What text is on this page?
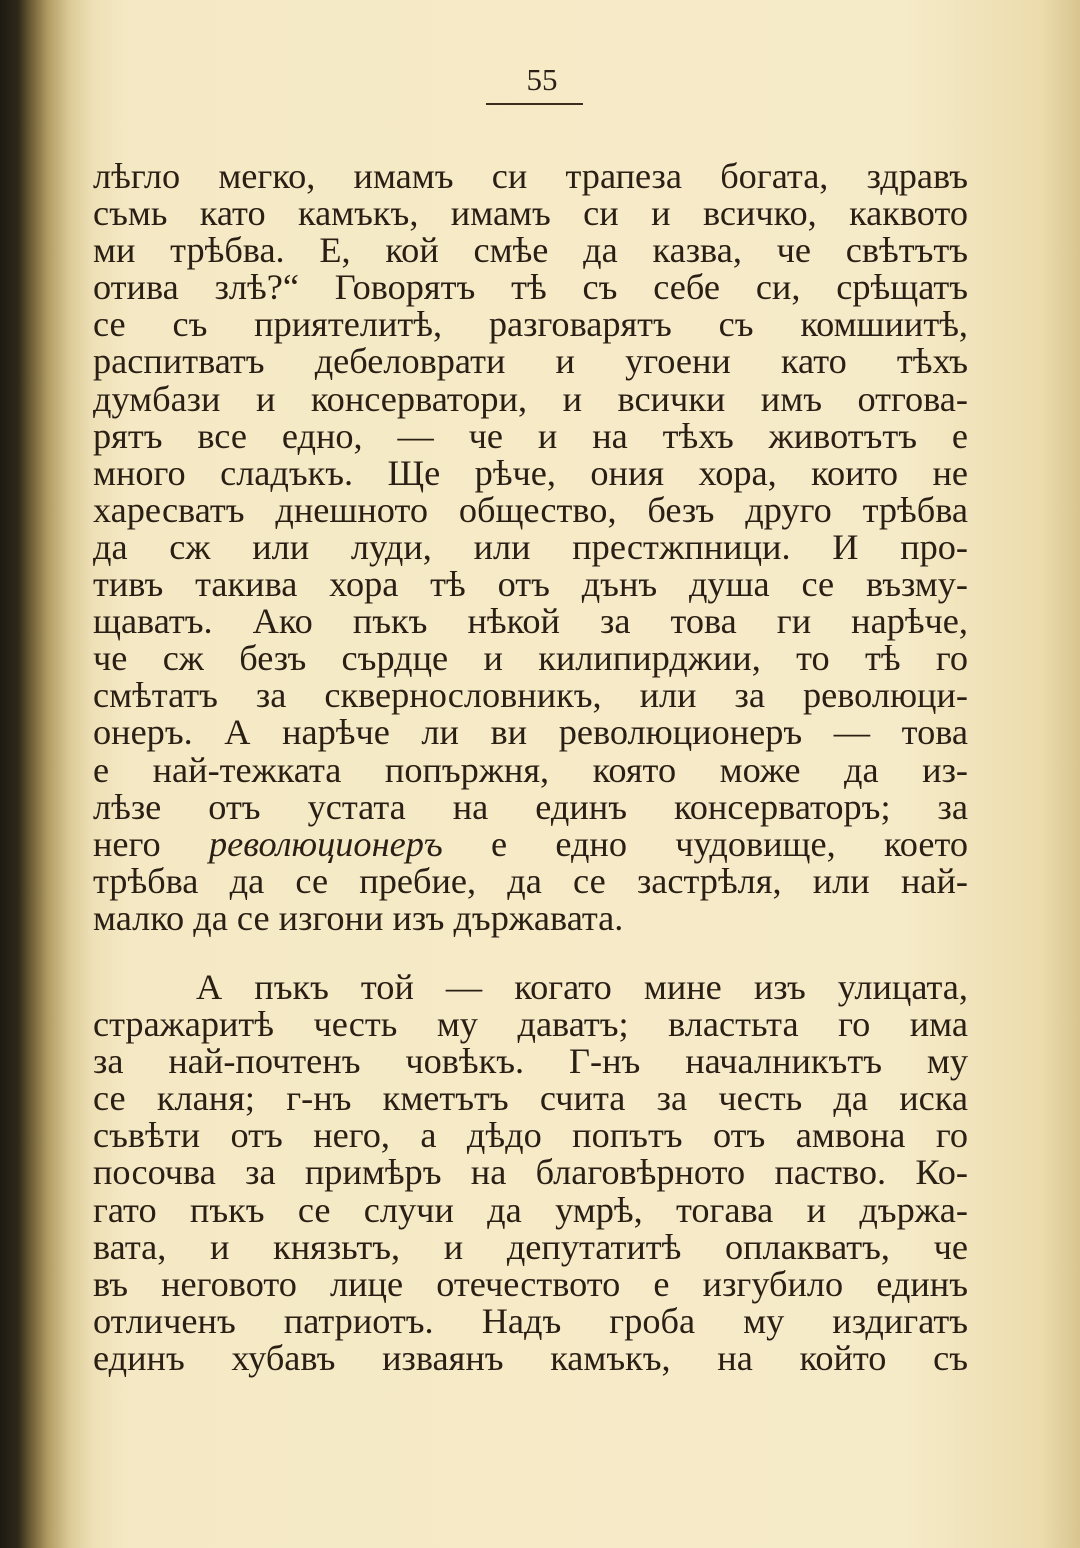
55
лѣгло мегко, имамъ си трапеза богата, здравъ
съмь като камъкъ, имамъ си и всичко, каквото
ми трѣбва. Е, кой смѣе да казва, че свѣтътъ
отива злѣ?“ Говорятъ тѣ съ себе си, срѣщатъ
се съ приятелитѣ, разговарятъ съ комшиитѣ,
распитватъ дебеловрати и угоени като тѣхъ
думбази и консерватори, и всички имъ отгова-
рятъ все едно, — че и на тѣхъ животътъ е
много сладъкъ. Ще рѣче, ония хора, които не
харесватъ днешното общество, безъ друго трѣбва
да сж или луди, или престжпници. И про-
тивъ такива хора тѣ отъ дънъ душа се възму-
щаватъ. Ако пъкъ нѣкой за това ги нарѣче,
че сж безъ сърдце и килипирджии, то тѣ го
смѣтатъ за сквернословникъ, или за революци-
онеръ. А нарѣче ли ви революционеръ — това
е най-тежката попържня, която може да из-
лѣзе отъ устата на единъ консерваторъ; за
него революционеръ е едно чудовище, което
трѣбва да се пребие, да се застрѣля, или най-
малко да се изгони изъ държавата.
А пъкъ той — когато мине изъ улицата,
стражаритѣ честь му даватъ; властьта го има
за най-почтенъ човѣкъ. Г-нъ началникътъ му
се кланя; г-нъ кметътъ счита за честь да иска
съвѣти отъ него, а дѣдо попътъ отъ амвона го
посочва за примѣръ на благовѣрното паство. Ко-
гато пъкъ се случи да умрѣ, тогава и държа-
вата, и князьтъ, и депутатитѣ оплакватъ, че
въ неговото лице отечеството е изгубило единъ
отличенъ патриотъ. Надъ гроба му издигатъ
единъ хубавъ изваянъ камъкъ, на който съ
